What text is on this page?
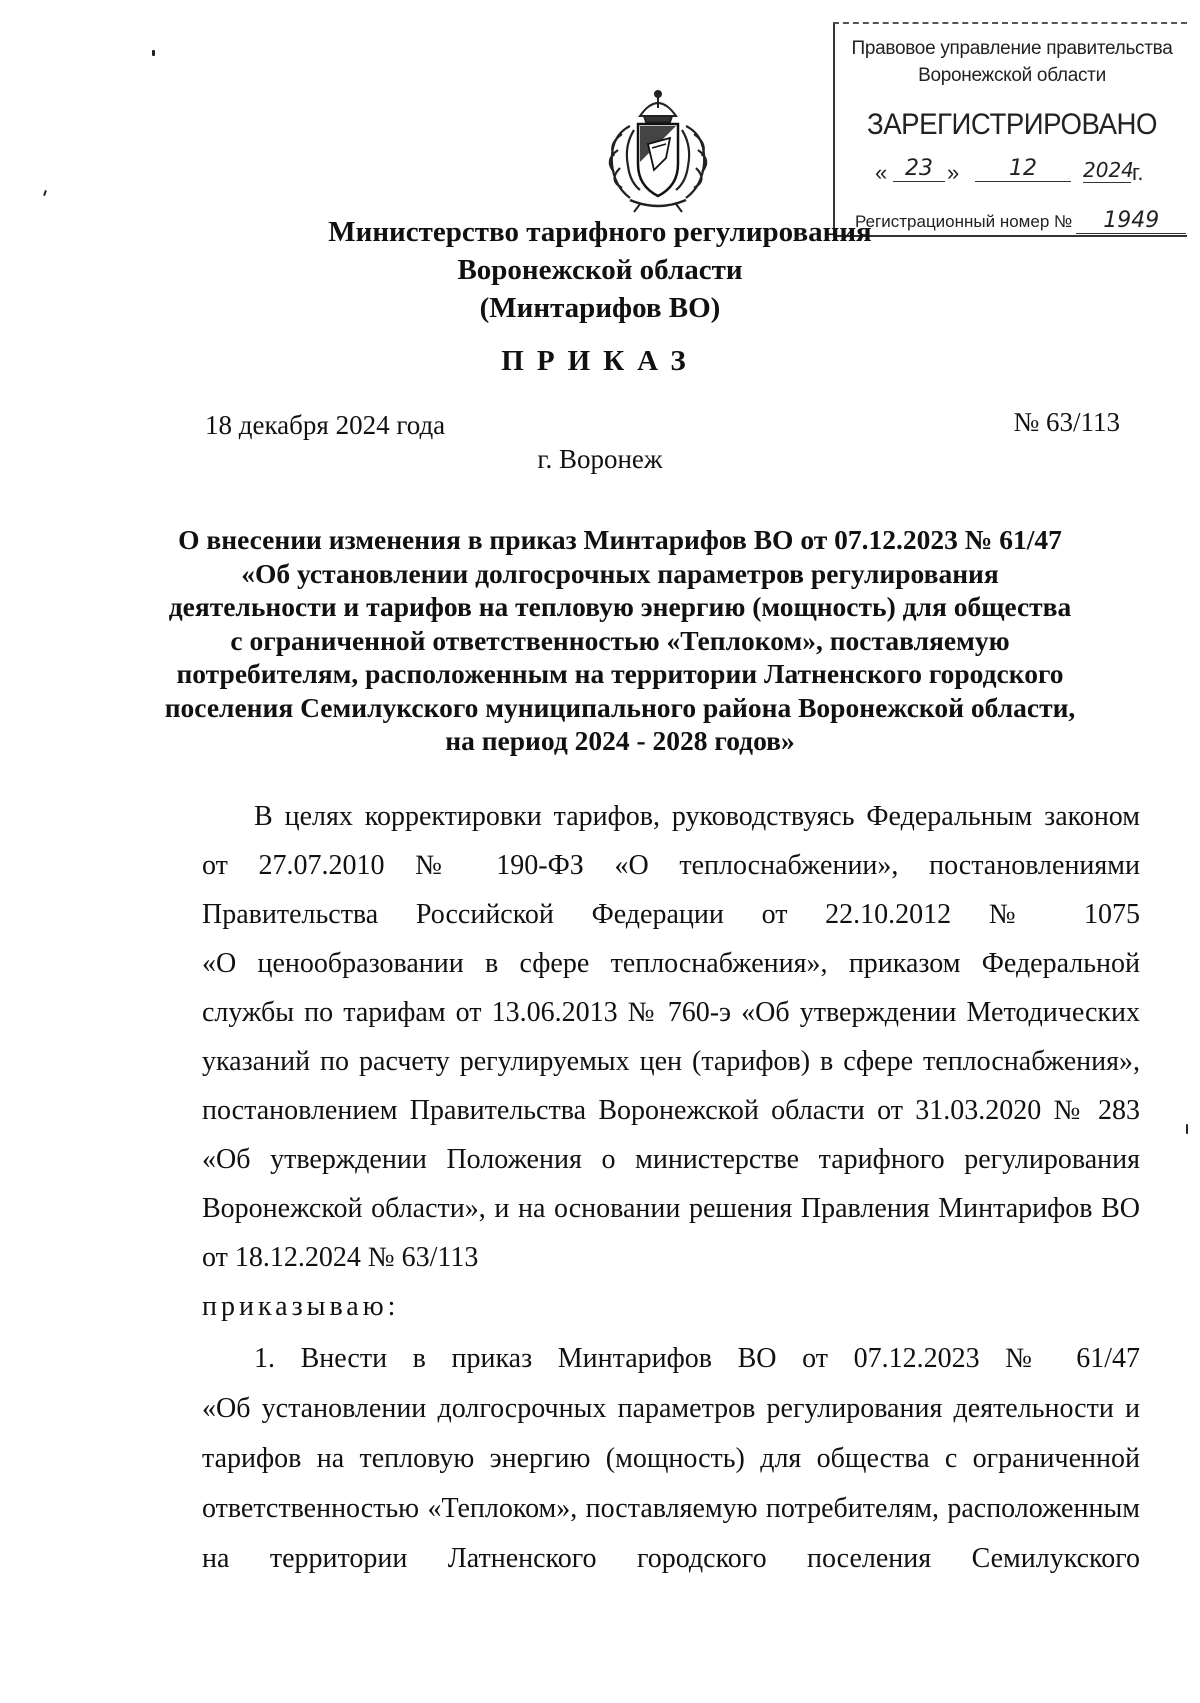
Правовое управление правительства
Воронежской области
ЗАРЕГИСТРИРОВАНО
« 23 »	12	2024
г.
Регистрационный номер № 1949
Министерство тарифного регулирования
Воронежской области
(Минтарифов ВО)
ПРИКАЗ
18 декабря 2024 года	№ 63/113
г. Воронеж
О внесении изменения в приказ Минтарифов ВО от 07.12.2023 № 61/47
«Об установлении долгосрочных параметров регулирования
деятельности и тарифов на тепловую энергию (мощность) для общества
с ограниченной ответственностью «Теплоком», поставляемую
потребителям, расположенным на территории Латненского городского
поселения Семилукского муниципального района Воронежской области,
на период 2024 - 2028 годов»
В целях корректировки тарифов, руководствуясь Федеральным законом
от 27.07.2010 № 190-ФЗ «О теплоснабжении», постановлениями
Правительства Российской Федерации от 22.10.2012 № 1075
«О ценообразовании в сфере теплоснабжения», приказом Федеральной
службы по тарифам от 13.06.2013 № 760-э «Об утверждении Методических
указаний по расчету регулируемых цен (тарифов) в сфере теплоснабжения»,
постановлением Правительства Воронежской области от 31.03.2020 № 283
«Об утверждении Положения о министерстве тарифного регулирования
Воронежской области», и на основании решения Правления Минтарифов ВО
от 18.12.2024 № 63/113
приказываю:
1. Внести в приказ Минтарифов ВО от 07.12.2023 № 61/47
«Об установлении долгосрочных параметров регулирования деятельности и
тарифов на тепловую энергию (мощность) для общества с ограниченной
ответственностью «Теплоком», поставляемую потребителям, расположенным
на территории Латненского городского поселения Семилукского
